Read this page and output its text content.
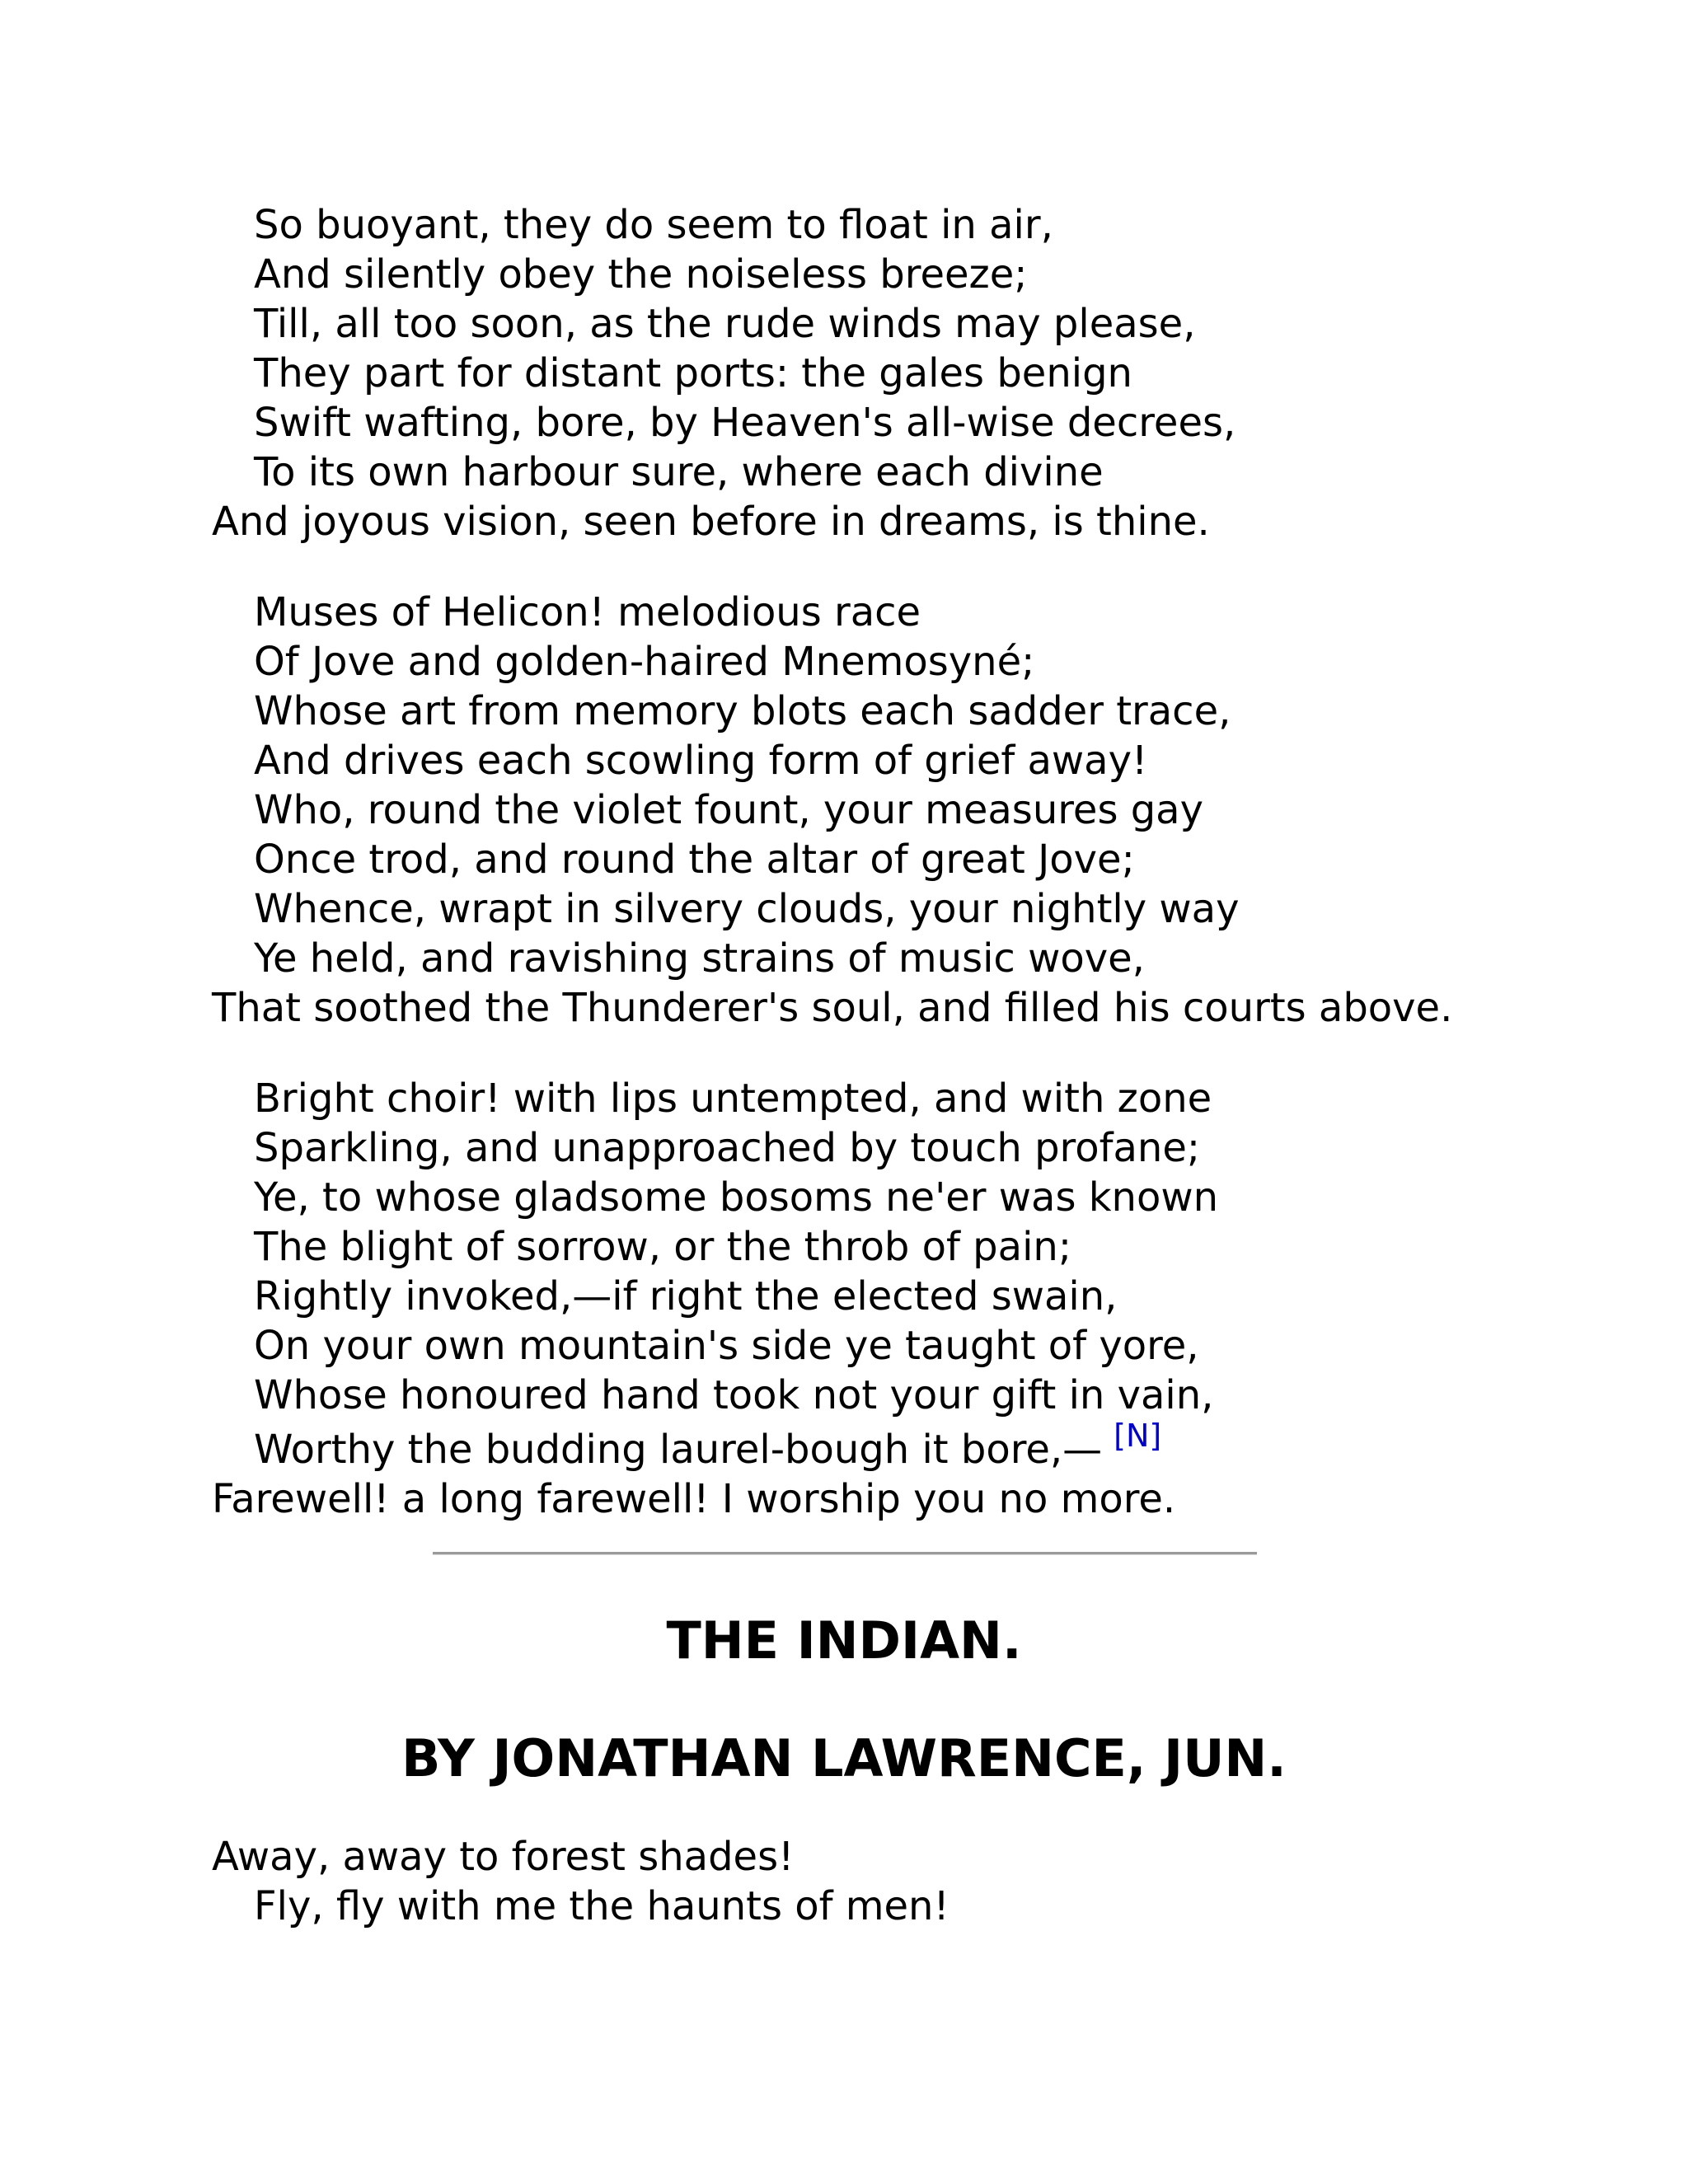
So buoyant, they do seem to float in air,
And silently obey the noiseless breeze;
Till, all too soon, as the rude winds may please,
They part for distant ports: the gales benign
Swift wafting, bore, by Heaven's all-wise decrees,
To its own harbour sure, where each divine
And joyous vision, seen before in dreams, is thine.
Muses of Helicon! melodious race
Of Jove and golden-haired Mnemosyné;
Whose art from memory blots each sadder trace,
And drives each scowling form of grief away!
Who, round the violet fount, your measures gay
Once trod, and round the altar of great Jove;
Whence, wrapt in silvery clouds, your nightly way
Ye held, and ravishing strains of music wove,
That soothed the Thunderer's soul, and filled his courts above.
Bright choir! with lips untempted, and with zone
Sparkling, and unapproached by touch profane;
Ye, to whose gladsome bosoms ne'er was known
The blight of sorrow, or the throb of pain;
Rightly invoked,—if right the elected swain,
On your own mountain's side ye taught of yore,
Whose honoured hand took not your gift in vain,
Worthy the budding laurel-bough it bore,— [N]
Farewell! a long farewell! I worship you no more.
THE INDIAN.
BY JONATHAN LAWRENCE, JUN.
Away, away to forest shades!
Fly, fly with me the haunts of men!
